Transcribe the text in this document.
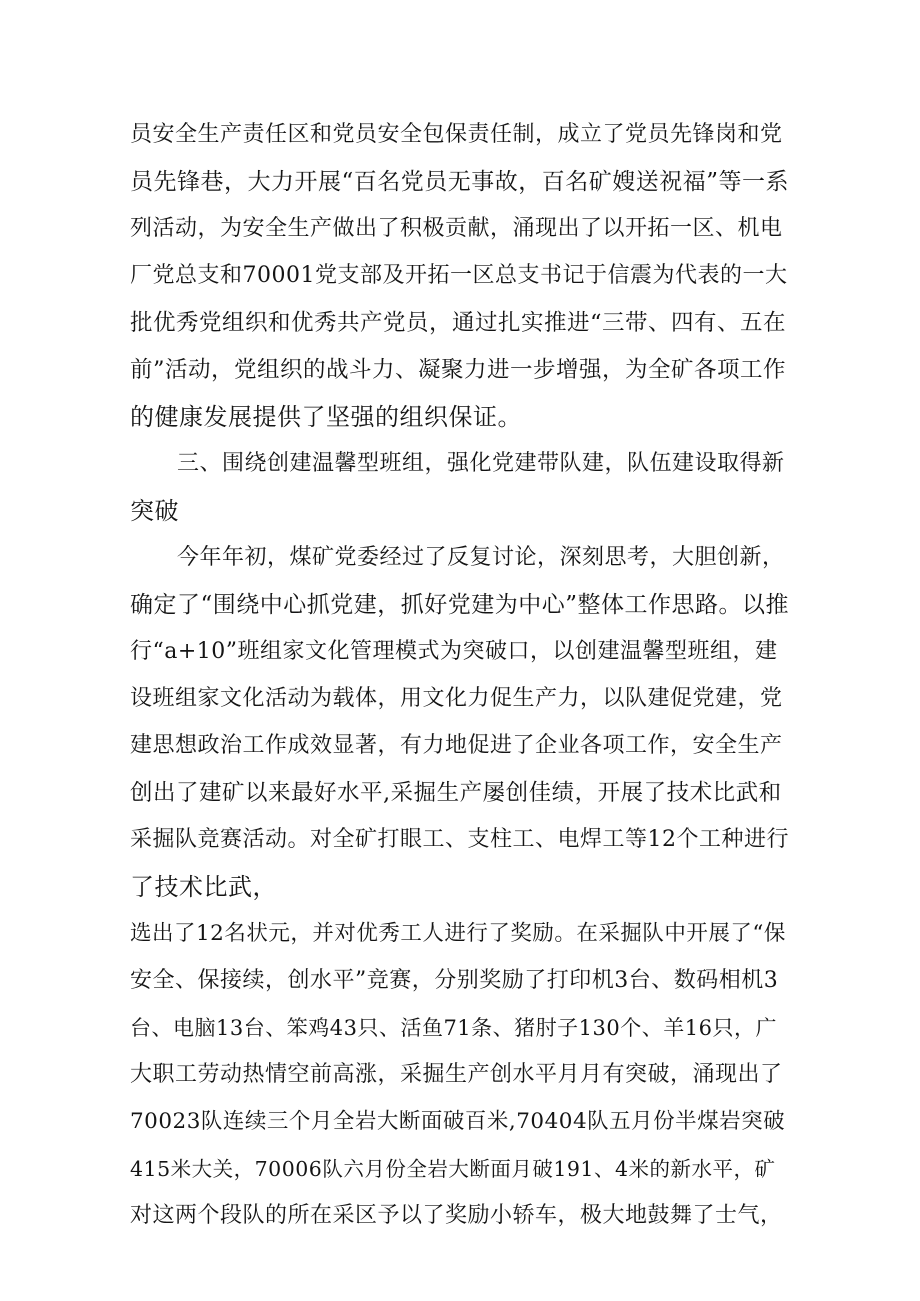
员安全生产责任区和党员安全包保责任制，成立了党员先锋岗和党
员先锋巷，大力开展“百名党员无事故，百名矿嫂送祝福”等一系
列活动，为安全生产做出了积极贡献，涌现出了以开拓一区、机电
厂党总支和70001党支部及开拓一区总支书记于信震为代表的一大
批优秀党组织和优秀共产党员，通过扎实推进“三带、四有、五在
前”活动，党组织的战斗力、凝聚力进一步增强，为全矿各项工作
的健康发展提供了坚强的组织保证。
三、围绕创建温馨型班组，强化党建带队建，队伍建设取得新
突破
今年年初，煤矿党委经过了反复讨论，深刻思考，大胆创新，
确定了“围绕中心抓党建，抓好党建为中心”整体工作思路。以推
行“a+10”班组家文化管理模式为突破口，以创建温馨型班组，建
设班组家文化活动为载体，用文化力促生产力，以队建促党建，党
建思想政治工作成效显著，有力地促进了企业各项工作，安全生产
创出了建矿以来最好水平,采掘生产屡创佳绩，开展了技术比武和
采掘队竞赛活动。对全矿打眼工、支柱工、电焊工等12个工种进行
了技术比武，
选出了12名状元，并对优秀工人进行了奖励。在采掘队中开展了“保
安全、保接续，创水平”竞赛，分别奖励了打印机3台、数码相机3
台、电脑13台、笨鸡43只、活鱼71条、猪肘子130个、羊16只，广
大职工劳动热情空前高涨，采掘生产创水平月月有突破，涌现出了
70023队连续三个月全岩大断面破百米,70404队五月份半煤岩突破
415米大关，70006队六月份全岩大断面月破191、4米的新水平，矿
对这两个段队的所在采区予以了奖励小轿车，极大地鼓舞了士气，
